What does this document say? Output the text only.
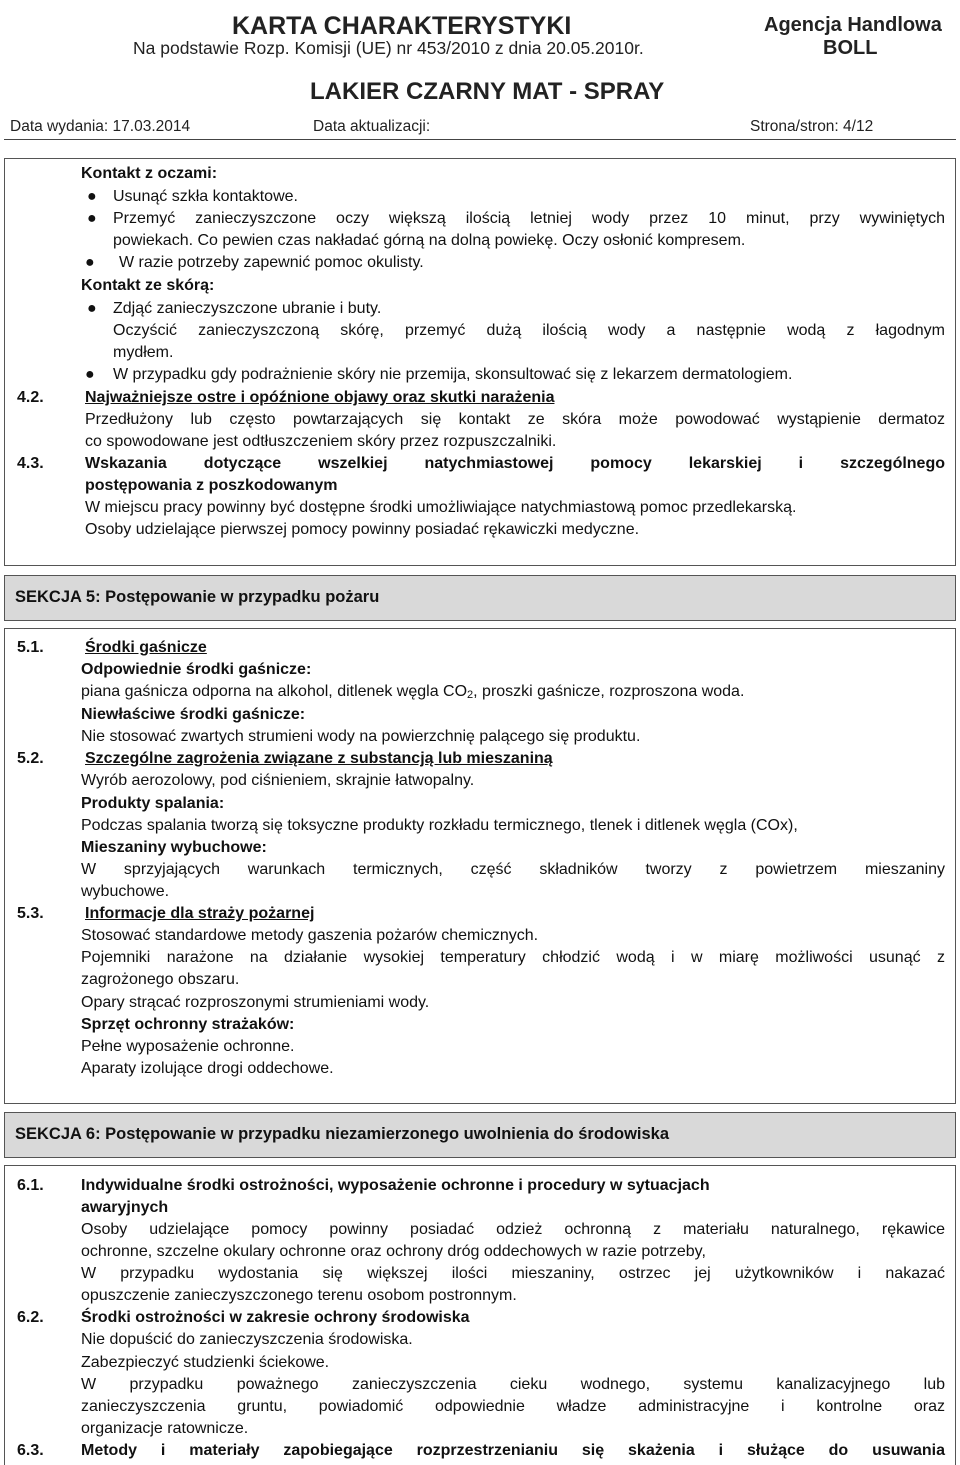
KARTA CHARAKTERYSTYKI
Na podstawie Rozp. Komisji (UE) nr 453/2010 z dnia 20.05.2010r.
Agencja Handlowa
BOLL
LAKIER CZARNY MAT - SPRAY
Data wydania: 17.03.2014	Data aktualizacji:	Strona/stron: 4/12
Kontakt z oczami:
● Usunąć szkła kontaktowe.
● Przemyć zanieczyszczone oczy większą ilością letniej wody przez 10 minut, przy wywiniętych
powiekach. Co pewien czas nakładać górną na dolną powiekę. Oczy osłonić kompresem.
● W razie potrzeby zapewnić pomoc okulisty.
Kontakt ze skórą:
● Zdjąć zanieczyszczone ubranie i buty.
Oczyścić zanieczyszczoną skórę, przemyć dużą ilością wody a następnie wodą z łagodnym
mydłem.
● W przypadku gdy podrażnienie skóry nie przemija, skonsultować się z lekarzem dermatologiem.
4.2.	Najważniejsze ostre i opóźnione objawy oraz skutki narażenia
Przedłużony lub często powtarzających się kontakt ze skóra może powodować wystąpienie dermatoz
co spowodowane jest odtłuszczeniem skóry przez rozpuszczalniki.
4.3.	Wskazania dotyczące wszelkiej natychmiastowej pomocy lekarskiej i szczególnego
postępowania z poszkodowanym
W miejscu pracy powinny być dostępne środki umożliwiające natychmiastową pomoc przedlekarską.
Osoby udzielające pierwszej pomocy powinny posiadać rękawiczki medyczne.
SEKCJA 5: Postępowanie w przypadku pożaru
5.1.	Środki gaśnicze
Odpowiednie środki gaśnicze:
piana gaśnicza odporna na alkohol, ditlenek węgla $CO_2$, proszki gaśnicze, rozproszona woda.
Niewłaściwe środki gaśnicze:
Nie stosować zwartych strumieni wody na powierzchnię palącego się produktu.
5.2.	Szczególne zagrożenia związane z substancją lub mieszaniną
Wyrób aerozolowy, pod ciśnieniem, skrajnie łatwopalny.
Produkty spalania:
Podczas spalania tworzą się toksyczne produkty rozkładu termicznego, tlenek i ditlenek węgla (COx),
Mieszaniny wybuchowe:
W sprzyjających warunkach termicznych, część składników tworzy z powietrzem mieszaniny
wybuchowe.
5.3.	Informacje dla straży pożarnej
Stosować standardowe metody gaszenia pożarów chemicznych.
Pojemniki narażone na działanie wysokiej temperatury chłodzić wodą i w miarę możliwości usunąć z
zagrożonego obszaru.
Opary strącać rozproszonymi strumieniami wody.
Sprzęt ochronny strażaków:
Pełne wyposażenie ochronne.
Aparaty izolujące drogi oddechowe.
SEKCJA 6: Postępowanie w przypadku niezamierzonego uwolnienia do środowiska
6.1. Indywidualne środki ostrożności, wyposażenie ochronne i procedury w sytuacjach
awaryjnych
Osoby udzielające pomocy powinny posiadać odzież ochronną z materiału naturalnego, rękawice
ochronne, szczelne okulary ochronne oraz ochrony dróg oddechowych w razie potrzeby,
W przypadku wydostania się większej ilości mieszaniny, ostrzec jej użytkowników i nakazać
opuszczenie zanieczyszczonego terenu osobom postronnym.
6.2. Środki ostrożności w zakresie ochrony środowiska
Nie dopuścić do zanieczyszczenia środowiska.
Zabezpieczyć studzienki ściekowe.
W przypadku poważnego zanieczyszczenia cieku wodnego, systemu kanalizacyjnego lub
zanieczyszczenia gruntu, powiadomić odpowiednie władze administracyjne i kontrolne oraz
organizacje ratownicze.
6.3. Metody i materiały zapobiegające rozprzestrzenianiu się skażenia i służące do usuwania
